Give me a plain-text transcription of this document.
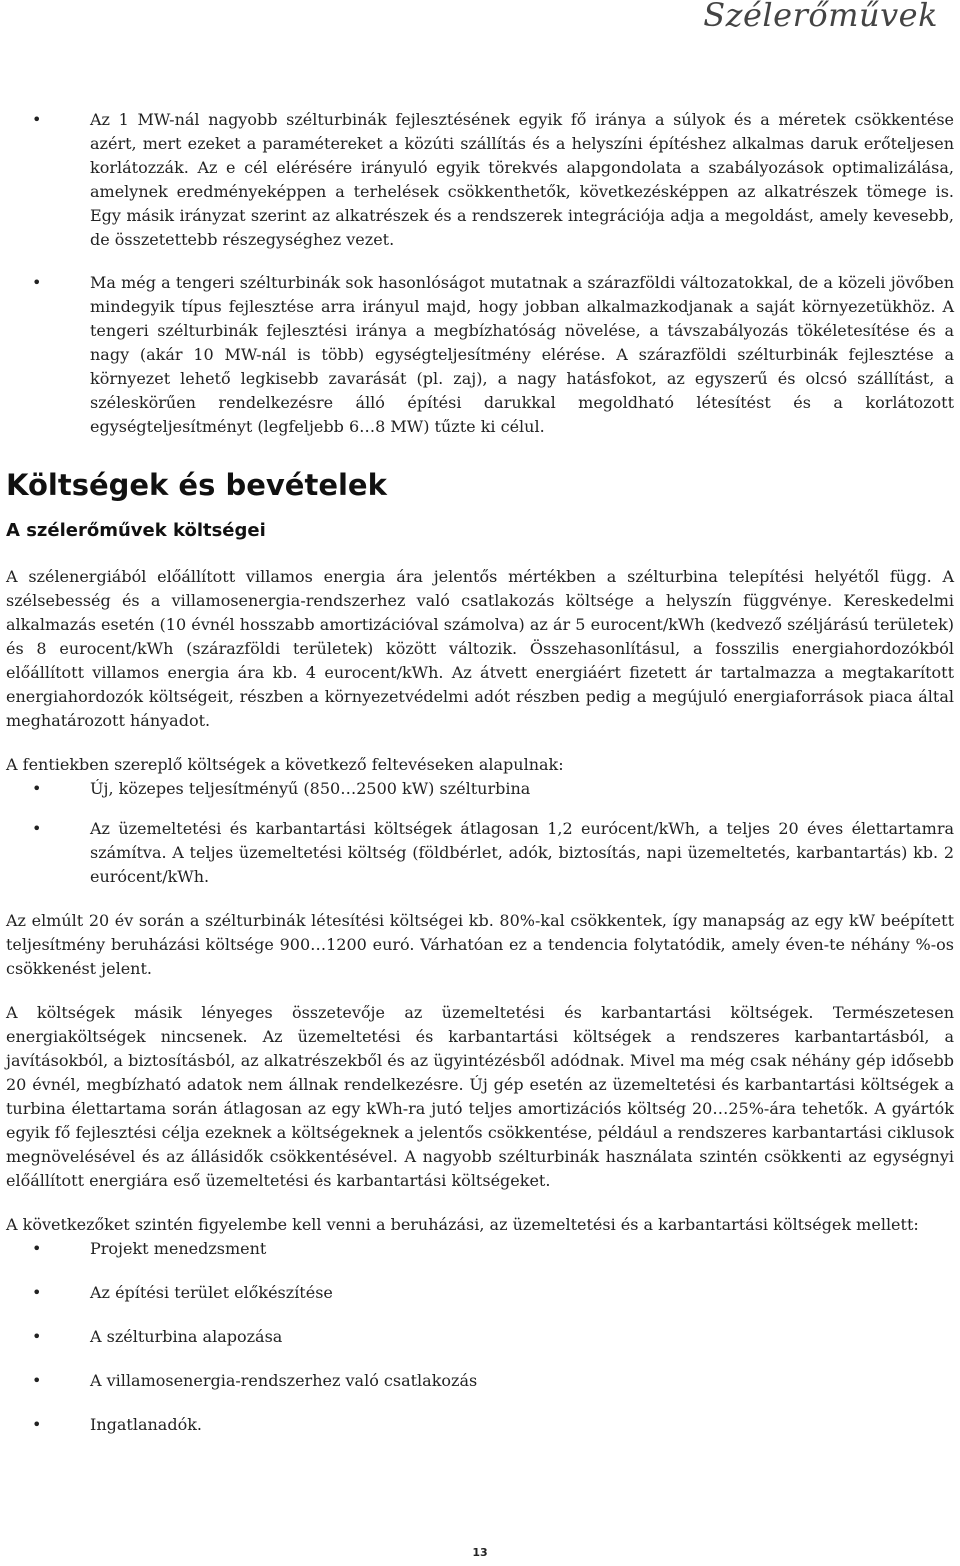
Szélerőművek
• Az 1 MW-nál nagyobb szélturbinák fejlesztésének egyik fő iránya a súlyok és a méretek csökkentése azért, mert ezeket a paramétereket a közúti szállítás és a helyszíni építéshez alkalmas daruk erőteljesen korlátozzák. Az e cél elérésére irányuló egyik törekvés alapgondolata a szabályozások optimalizálása, amelynek eredményeképpen a terhelések csökkenthetők, következésképpen az alkatrészek tömege is. Egy másik irányzat szerint az alkatrészek és a rendszerek integrációja adja a megoldást, amely kevesebb, de összetettebb részegységhez vezet.
• Ma még a tengeri szélturbinák sok hasonlóságot mutatnak a szárazföldi változatokkal, de a közeli jövőben mindegyik típus fejlesztése arra irányul majd, hogy jobban alkalmazkodjanak a saját környezetükhöz. A tengeri szélturbinák fejlesztési iránya a megbízhatóság növelése, a távszabályozás tökéletesítése és a nagy (akár 10 MW-nál is több) egységteljesítmény elérése. A szárazföldi szélturbinák fejlesztése a környezet lehető legkisebb zavarását (pl. zaj), a nagy hatásfokot, az egyszerű és olcsó szállítást, a széleskörűen rendelkezésre álló építési darukkal megoldható létesítést és a korlátozott egységteljesítményt (legfeljebb 6…8 MW) tűzte ki célul.
Költségek és bevételek
A szélerőművek költségei

A szélenergiából előállított villamos energia ára jelentős mértékben a szélturbina telepítési helyétől függ. A szélsebesség és a villamosenergia-rendszerhez való csatlakozás költsége a helyszín függvénye. Kereskedelmi alkalmazás esetén (10 évnél hosszabb amortizációval számolva) az ár 5 eurocent/kWh (kedvező széljárású területek) és 8 eurocent/kWh (szárazföldi területek) között változik. Összehasonlításul, a fosszilis energiahordozókból előállított villamos energia ára kb. 4 eurocent/kWh. Az átvett energiáért fizetett ár tartalmazza a megtakarított energiahordozók költségeit, részben a környezetvédelmi adót részben pedig a megújuló energiaforrások piaca által meghatározott hányadot.

A fentiekben szereplő költségek a következő feltevéseken alapulnak:

• Új, közepes teljesítményű (850…2500 kW) szélturbina
• Az üzemeltetési és karbantartási költségek átlagosan 1,2 eurócent/kWh, a teljes 20 éves élettartamra számítva. A teljes üzemeltetési költség (földbérlet, adók, biztosítás, napi üzemeltetés, karbantartás) kb. 2 eurócent/kWh.

Az elmúlt 20 év során a szélturbinák létesítési költségei kb. 80%-kal csökkentek, így manapság az egy kW beépített teljesítmény beruházási költsége 900…1200 euró. Várhatóan ez a tendencia folytatódik, amely éven-te néhány %-os csökkenést jelent.

A költségek másik lényeges összetevője az üzemeltetési és karbantartási költségek. Természetesen energiaköltségek nincsenek. Az üzemeltetési és karbantartási költségek a rendszeres karbantartásból, a javításokból, a biztosításból, az alkatrészekből és az ügyintézésből adódnak. Mivel ma még csak néhány gép idősebb 20 évnél, megbízható adatok nem állnak rendelkezésre. Új gép esetén az üzemeltetési és karbantartási költségek a turbina élettartama során átlagosan az egy kWh-ra jutó teljes amortizációs költség 20…25%-ára tehetők. A gyártók egyik fő fejlesztési célja ezeknek a költségeknek a jelentős csökkentése, például a rendszeres karbantartási ciklusok megnövelésével és az állásidők csökkentésével. A nagyobb szélturbinák használata szintén csökkenti az egységnyi előállított energiára eső üzemeltetési és karbantartási költségeket.

A következőket szintén figyelembe kell venni a beruházási, az üzemeltetési és a karbantartási költségek mellett:

• Projekt menedzsment
• Az építési terület előkészítése
• A szélturbina alapozása
• A villamosenergia-rendszerhez való csatlakozás
• Ingatlanadók.
13
